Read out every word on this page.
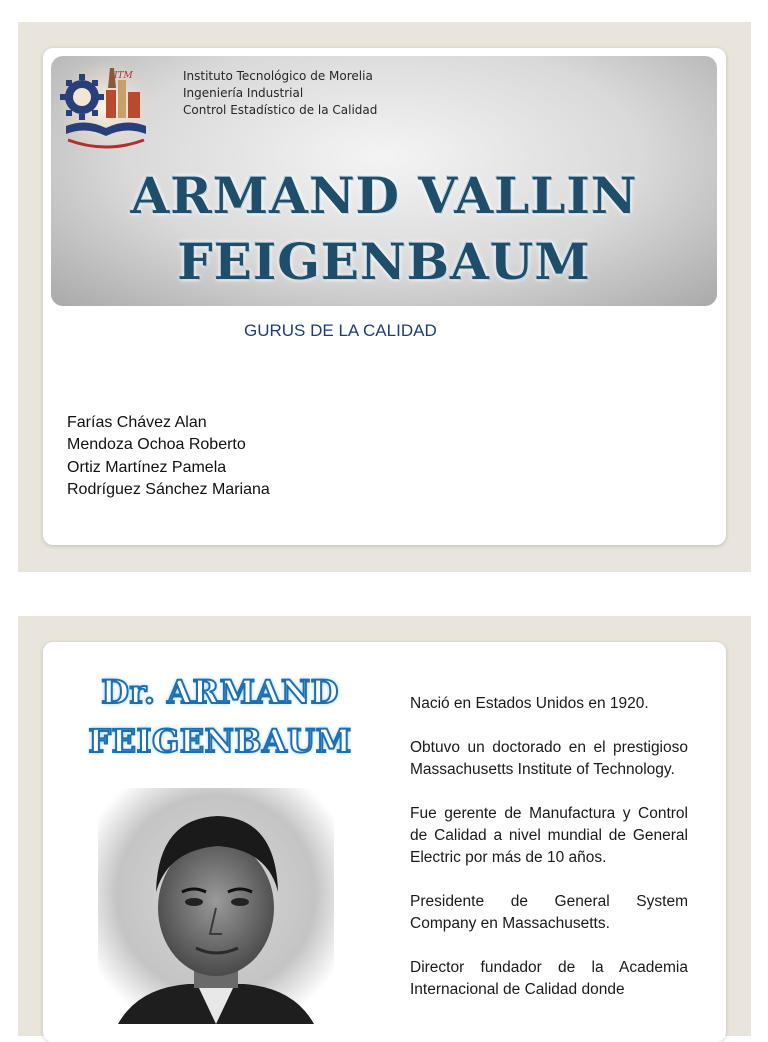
ITM	Instituto Tecnológico de Morelia
Ingeniería Industrial
Control Estadístico de la Calidad
ARMAND VALLIN
FEIGENBAUM
GURUS DE LA CALIDAD
Farías Chávez Alan
Mendoza Ochoa Roberto
Ortiz Martínez Pamela
Rodríguez Sánchez Mariana
Dr. ARMAND
FEIGENBAUM

Nació en Estados Unidos en 1920.

Obtuvo un doctorado en el prestigioso Massachusetts Institute of Technology.

Fue gerente de Manufactura y Control de Calidad a nivel mundial de General Electric por más de 10 años.

Presidente de General System Company en Massachusetts.

Director fundador de la Academia Internacional de Calidad donde
